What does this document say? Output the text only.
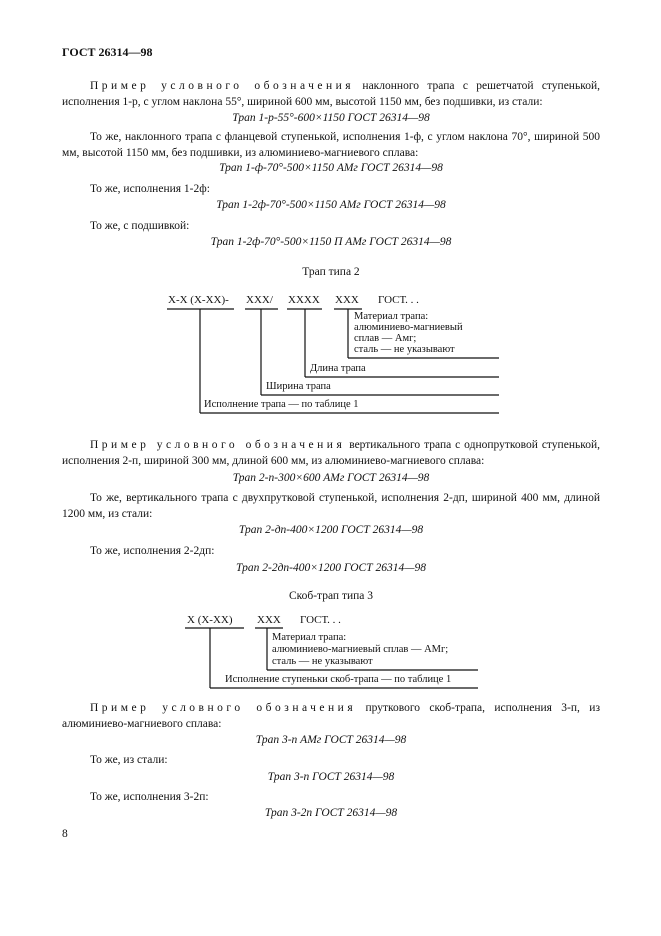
ГОСТ 26314—98
Пример условного обозначения наклонного трапа с решетчатой ступенькой, исполнения 1-р, с углом наклона 55°, шириной 600 мм, высотой 1150 мм, без подшивки, из стали:
Трап 1-р-55°-600×1150 ГОСТ 26314—98
То же, наклонного трапа с фланцевой ступенькой, исполнения 1-ф, с углом наклона 70°, шириной 500 мм, высотой 1150 мм, без подшивки, из алюминиево-магниевого сплава:
Трап 1-ф-70°-500×1150 АМг ГОСТ 26314—98
То же, исполнения 1-2ф:
Трап 1-2ф-70°-500×1150 АМг ГОСТ 26314—98
То же, с подшивкой:
Трап 1-2ф-70°-500×1150 П АМг ГОСТ 26314—98
Трап типа 2
Х-Х (Х-ХХ)- ХХХ/ ХХХХ ХХХ ГОСТ. . .
Материал трапа:
алюминиево-магниевый
сплав — Амг;
сталь — не указывают
Длина трапа
Ширина трапа
Исполнение трапа — по таблице 1
Пример условного обозначения вертикального трапа с однопрутковой ступенькой, исполнения 2-п, шириной 300 мм, длиной 600 мм, из алюминиево-магниевого сплава:
Трап 2-п-300×600 АМг ГОСТ 26314—98
То же, вертикального трапа с двухпрутковой ступенькой, исполнения 2-дп, шириной 400 мм, длиной 1200 мм, из стали:
Трап 2-дп-400×1200 ГОСТ 26314—98
То же, исполнения 2-2дп:
Трап 2-2дп-400×1200 ГОСТ 26314—98
Скоб-трап типа 3
Х (Х-ХХ) ХХХ ГОСТ. . .
Материал трапа:
алюминиево-магниевый сплав — АМг;
сталь — не указывают
Исполнение ступеньки скоб-трапа — по таблице 1
Пример условного обозначения пруткового скоб-трапа, исполнения 3-п, из алюминиево-магниевого сплава:
Трап 3-п АМг ГОСТ 26314—98
То же, из стали:
Трап 3-п ГОСТ 26314—98
То же, исполнения 3-2п:
Трап 3-2п ГОСТ 26314—98
8
